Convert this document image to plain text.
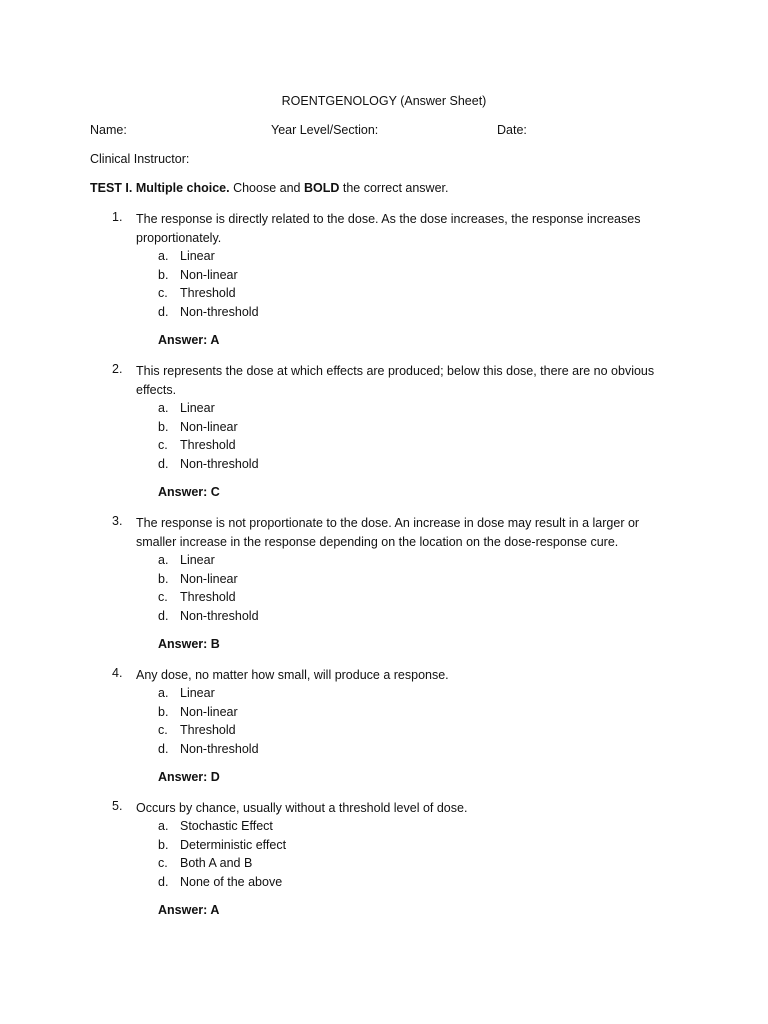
ROENTGENOLOGY (Answer Sheet)
Name:	Year Level/Section:	Date:
Clinical Instructor:
TEST I. Multiple choice. Choose and BOLD the correct answer.
1. The response is directly related to the dose. As the dose increases, the response increases proportionately.
a. Linear
b. Non-linear
c. Threshold
d. Non-threshold
Answer: A
2. This represents the dose at which effects are produced; below this dose, there are no obvious effects.
a. Linear
b. Non-linear
c. Threshold
d. Non-threshold
Answer: C
3. The response is not proportionate to the dose. An increase in dose may result in a larger or smaller increase in the response depending on the location on the dose-response cure.
a. Linear
b. Non-linear
c. Threshold
d. Non-threshold
Answer: B
4. Any dose, no matter how small, will produce a response.
a. Linear
b. Non-linear
c. Threshold
d. Non-threshold
Answer: D
5. Occurs by chance, usually without a threshold level of dose.
a. Stochastic Effect
b. Deterministic effect
c. Both A and B
d. None of the above
Answer: A
